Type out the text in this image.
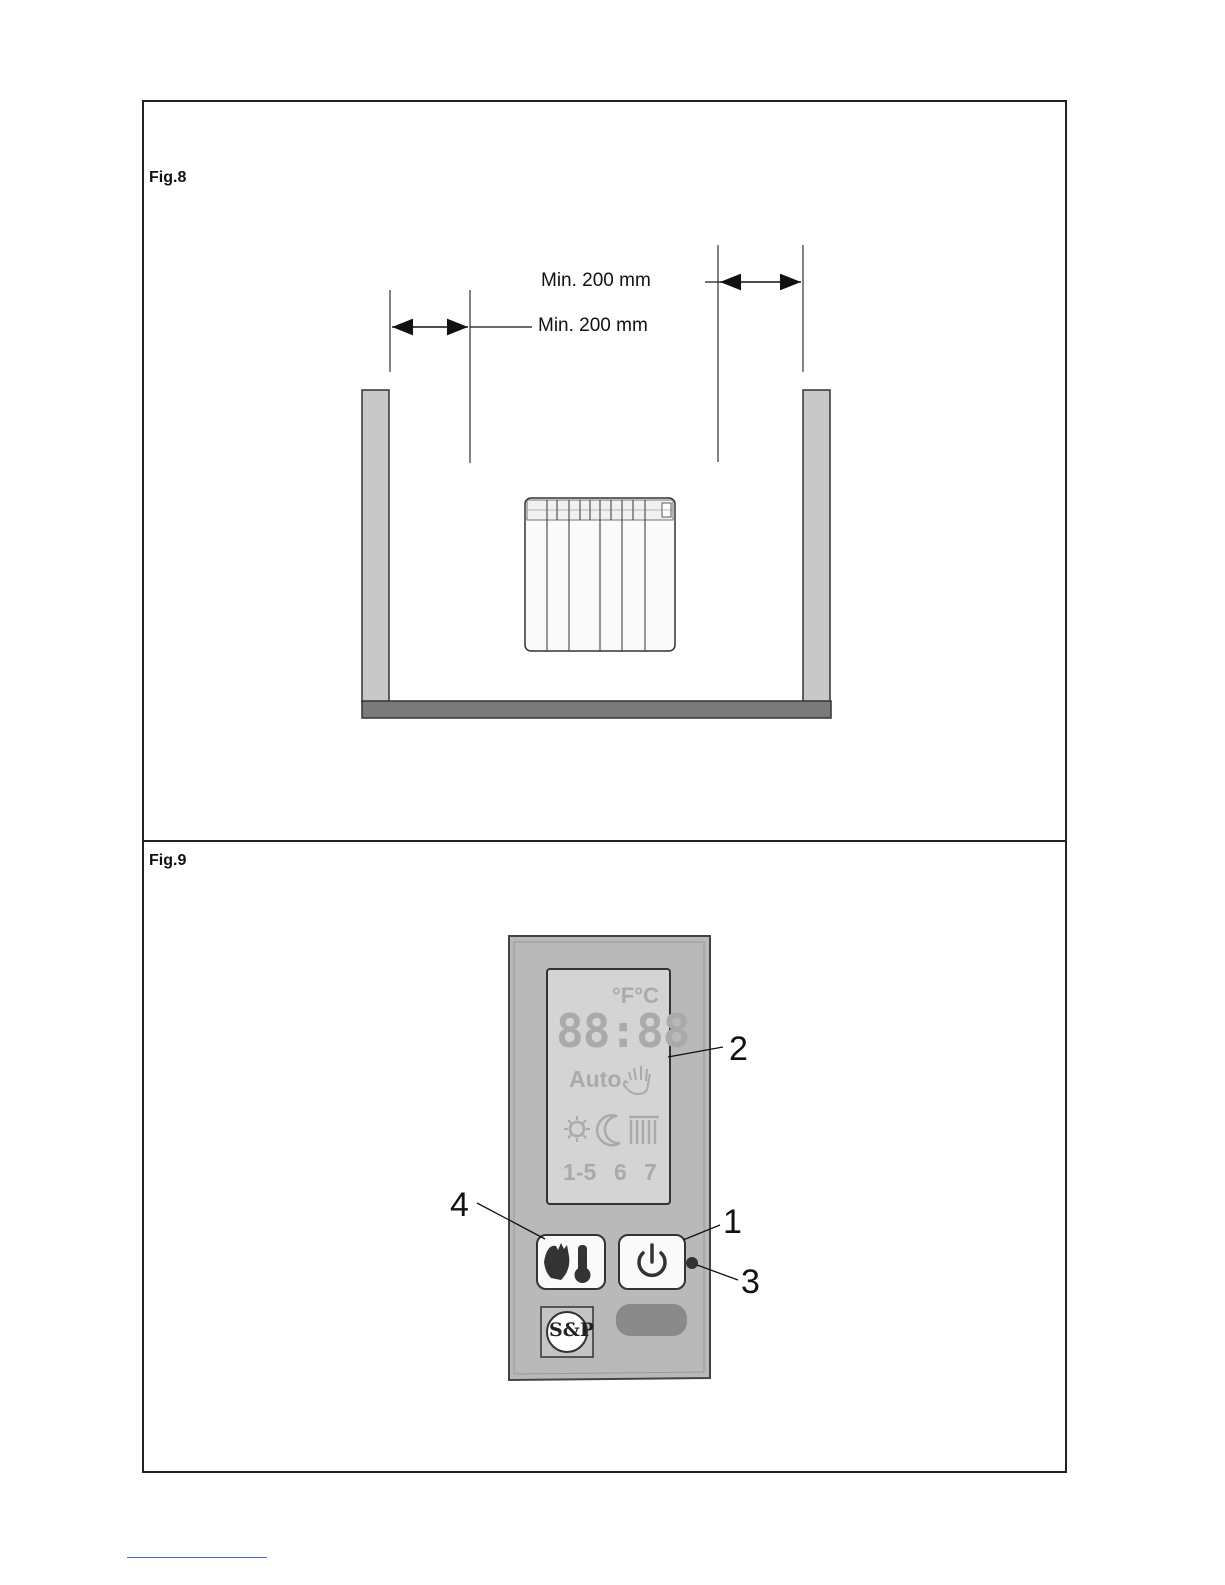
Fig.8
Min. 200 mm
Min. 200 mm
Fig.9
°F°C
88:88
Auto
1-5 6 7
S&P
2
4	1
3
